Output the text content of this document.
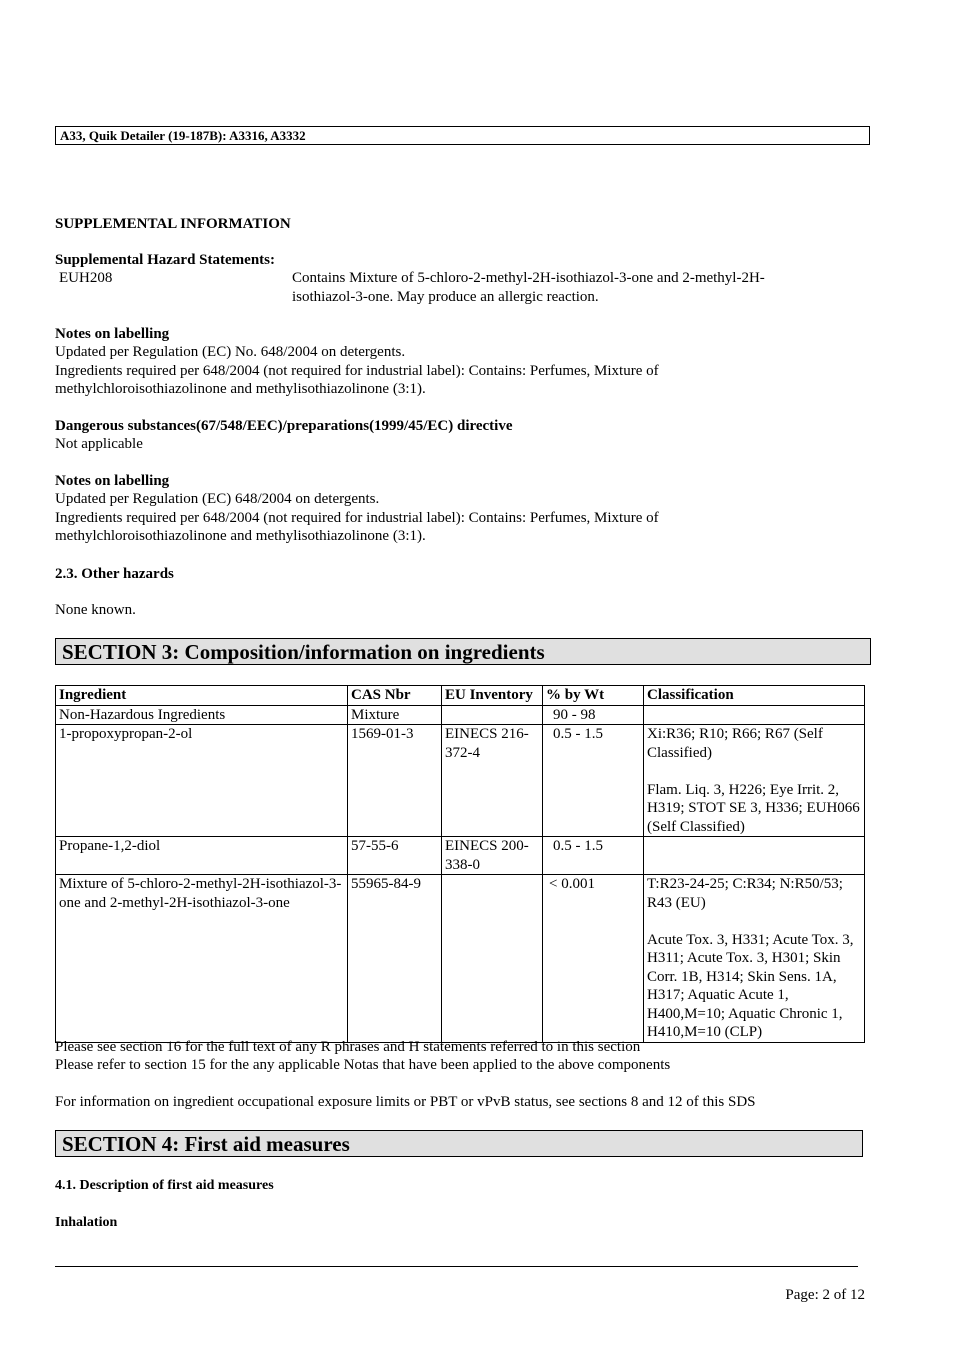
A33, Quik Detailer (19-187B): A3316, A3332
SUPPLEMENTAL INFORMATION
Supplemental Hazard Statements:
EUH208	Contains Mixture of 5-chloro-2-methyl-2H-isothiazol-3-one and 2-methyl-2H-
isothiazol-3-one. May produce an allergic reaction.
Notes on labelling
Updated per Regulation (EC) No. 648/2004 on detergents.
Ingredients required per 648/2004 (not required for industrial label): Contains: Perfumes, Mixture of
methylchloroisothiazolinone and methylisothiazolinone (3:1).
Dangerous substances(67/548/EEC)/preparations(1999/45/EC) directive
Not applicable
Notes on labelling
Updated per Regulation (EC) 648/2004 on detergents.
Ingredients required per 648/2004 (not required for industrial label): Contains: Perfumes, Mixture of
methylchloroisothiazolinone and methylisothiazolinone (3:1).
2.3. Other hazards
None known.
SECTION 3: Composition/information on ingredients
Ingredient	CAS Nbr	EU Inventory	% by Wt	Classification
Non-Hazardous Ingredients	Mixture		90 - 98	

1-propoxypropan-2-ol	1569-01-3	EINECS 216-372-4	0.5 - 1.5	Xi:R36; R10; R66; R67 (Self Classified)
Flam. Liq. 3, H226; Eye Irrit. 2, H319; STOT SE 3, H336; EUH066 (Self Classified)

Propane-1,2-diol	57-55-6	EINECS 200-338-0	0.5 - 1.5	

Mixture of 5-chloro-2-methyl-2H-isothiazol-3-one and 2-methyl-2H-isothiazol-3-one	55965-84-9		< 0.001	T:R23-24-25; C:R34; N:R50/53; R43 (EU)
Acute Tox. 3, H331; Acute Tox. 3, H311; Acute Tox. 3, H301; Skin Corr. 1B, H314; Skin Sens. 1A, H317; Aquatic Acute 1, H400,M=10; Aquatic Chronic 1, H410,M=10 (CLP)
Please see section 16 for the full text of any R phrases and H statements referred to in this section
Please refer to section 15 for the any applicable Notas that have been applied to the above components
For information on ingredient occupational exposure limits or PBT or vPvB status, see sections 8 and 12 of this SDS
SECTION 4: First aid measures
4.1. Description of first aid measures
Inhalation
Page: 2 of 12
